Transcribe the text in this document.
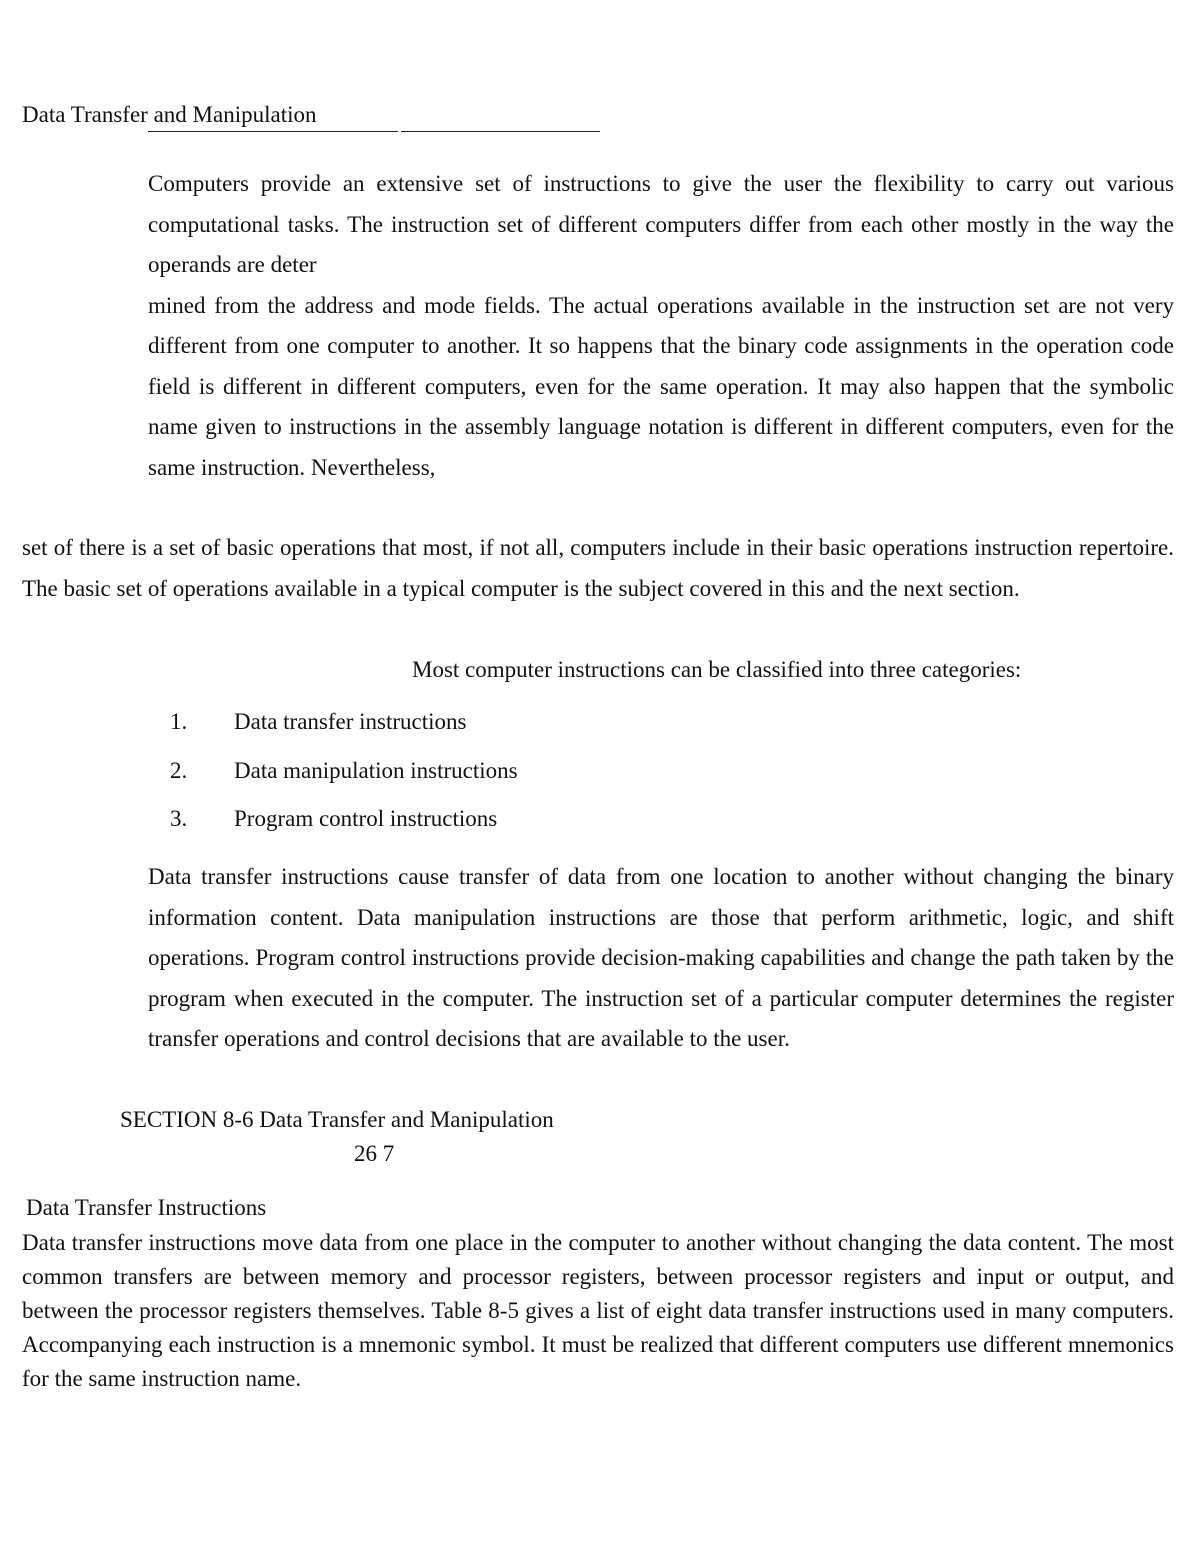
Data Transfer and Manipulation

Computers provide an extensive set of instructions to give the user the flexibility to carry out various computational tasks. The instruction set of different computers differ from each other mostly in the way the operands are deter
mined from the address and mode fields. The actual operations available in the instruction set are not very different from one computer to another. It so happens that the binary code assignments in the operation code field is different in different computers, even for the same operation. It may also happen that the symbolic name given to instructions in the assembly language notation is different in different computers, even for the same instruction. Nevertheless,

set of there is a set of basic operations that most, if not all, computers include in their basic operations instruction repertoire. The basic set of operations available in a typical computer is the subject covered in this and the next section.

Most computer instructions can be classified into three categories:
1. Data transfer instructions
2. Data manipulation instructions
3. Program control instructions

Data transfer instructions cause transfer of data from one location to another without changing the binary information content. Data manipulation instructions are those that perform arithmetic, logic, and shift operations. Program control instructions provide decision-making capabilities and change the path taken by the program when executed in the computer. The instruction set of a particular computer determines the register transfer operations and control decisions that are available to the user.

SECTION 8-6 Data Transfer and Manipulation
26 7
Data Transfer Instructions

Data transfer instructions move data from one place in the computer to another without changing the data content. The most common transfers are between memory and processor registers, between processor registers and input or output, and between the processor registers themselves. Table 8-5 gives a list of eight data transfer instructions used in many computers. Accompanying each instruction is a mnemonic symbol. It must be realized that different computers use different mnemonics for the same instruction name.
